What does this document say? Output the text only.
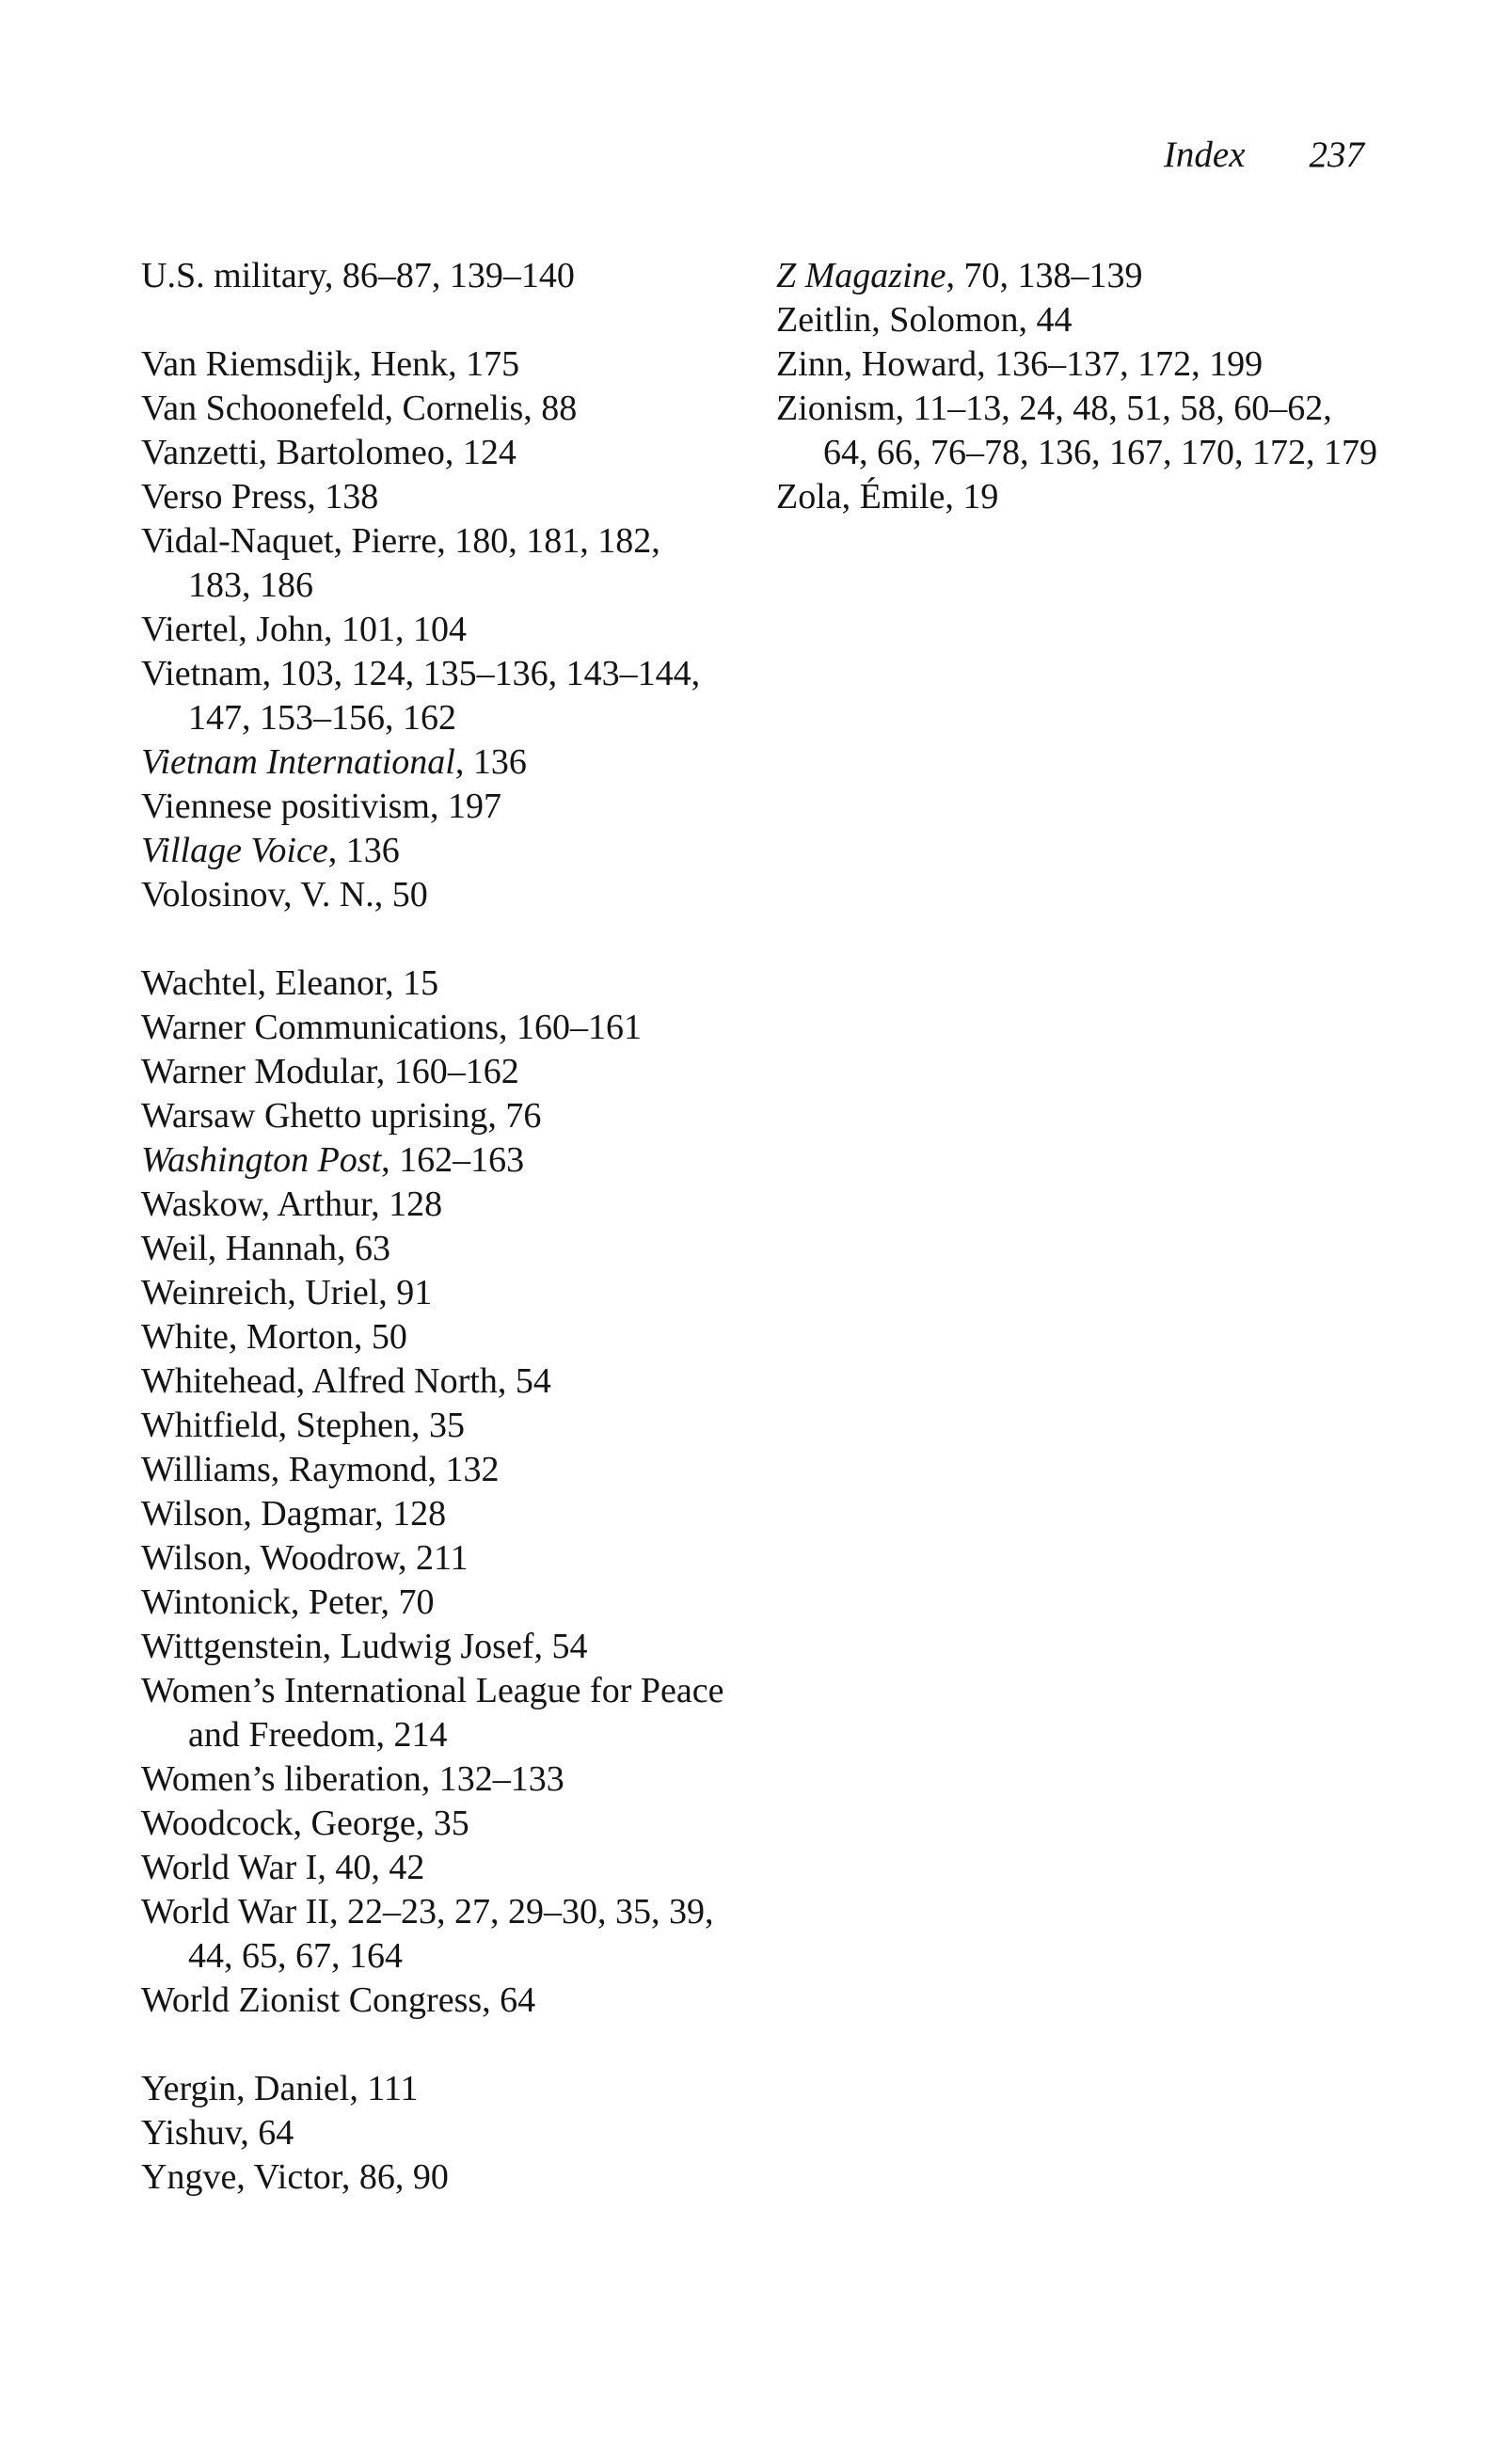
Index 237
U.S. military, 86–87, 139–140
Van Riemsdijk, Henk, 175
Van Schoonefeld, Cornelis, 88
Vanzetti, Bartolomeo, 124
Verso Press, 138
Vidal-Naquet, Pierre, 180, 181, 182, 183, 186
Viertel, John, 101, 104
Vietnam, 103, 124, 135–136, 143–144, 147, 153–156, 162
Vietnam International, 136
Viennese positivism, 197
Village Voice, 136
Volosinov, V. N., 50
Wachtel, Eleanor, 15
Warner Communications, 160–161
Warner Modular, 160–162
Warsaw Ghetto uprising, 76
Washington Post, 162–163
Waskow, Arthur, 128
Weil, Hannah, 63
Weinreich, Uriel, 91
White, Morton, 50
Whitehead, Alfred North, 54
Whitfield, Stephen, 35
Williams, Raymond, 132
Wilson, Dagmar, 128
Wilson, Woodrow, 211
Wintonick, Peter, 70
Wittgenstein, Ludwig Josef, 54
Women’s International League for Peace and Freedom, 214
Women’s liberation, 132–133
Woodcock, George, 35
World War I, 40, 42
World War II, 22–23, 27, 29–30, 35, 39, 44, 65, 67, 164
World Zionist Congress, 64
Yergin, Daniel, 111
Yishuv, 64
Yngve, Victor, 86, 90
Z Magazine, 70, 138–139
Zeitlin, Solomon, 44
Zinn, Howard, 136–137, 172, 199
Zionism, 11–13, 24, 48, 51, 58, 60–62, 64, 66, 76–78, 136, 167, 170, 172, 179
Zola, Émile, 19
